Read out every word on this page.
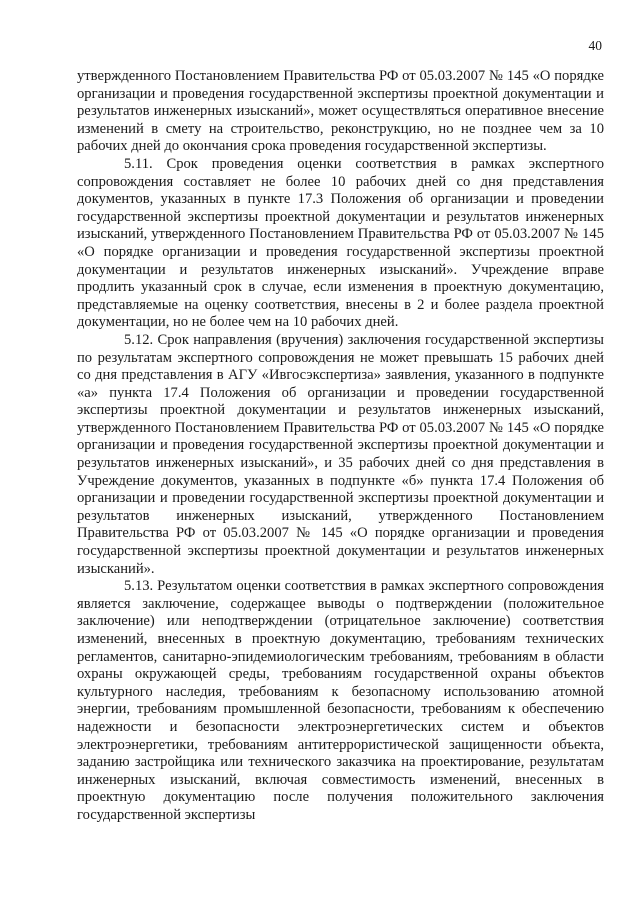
40

утвержденного Постановлением Правительства РФ от 05.03.2007 № 145 «О порядке организации и проведения государственной экспертизы проектной документации и результатов инженерных изысканий», может осуществляться оперативное внесение изменений в смету на строительство, реконструкцию, но не позднее чем за 10 рабочих дней до окончания срока проведения государственной экспертизы.

5.11. Срок проведения оценки соответствия в рамках экспертного сопровождения составляет не более 10 рабочих дней со дня представления документов, указанных в пункте 17.3 Положения об организации и проведении государственной экспертизы проектной документации и результатов инженерных изысканий, утвержденного Постановлением Правительства РФ от 05.03.2007 № 145 «О порядке организации и проведения государственной экспертизы проектной документации и результатов инженерных изысканий». Учреждение вправе продлить указанный срок в случае, если изменения в проектную документацию, представляемые на оценку соответствия, внесены в 2 и более раздела проектной документации, но не более чем на 10 рабочих дней.

5.12. Срок направления (вручения) заключения государственной экспертизы по результатам экспертного сопровождения не может превышать 15 рабочих дней со дня представления в АГУ «Ивгосэкспертиза» заявления, указанного в подпункте «а» пункта 17.4 Положения об организации и проведении государственной экспертизы проектной документации и результатов инженерных изысканий, утвержденного Постановлением Правительства РФ от 05.03.2007 № 145 «О порядке организации и проведения государственной экспертизы проектной документации и результатов инженерных изысканий», и 35 рабочих дней со дня представления в Учреждение документов, указанных в подпункте «б» пункта 17.4 Положения об организации и проведении государственной экспертизы проектной документации и результатов инженерных изысканий, утвержденного Постановлением Правительства РФ от 05.03.2007 № 145 «О порядке организации и проведения государственной экспертизы проектной документации и результатов инженерных изысканий».

5.13. Результатом оценки соответствия в рамках экспертного сопровождения является заключение, содержащее выводы о подтверждении (положительное заключение) или неподтверждении (отрицательное заключение) соответствия изменений, внесенных в проектную документацию, требованиям технических регламентов, санитарно-эпидемиологическим требованиям, требованиям в области охраны окружающей среды, требованиям государственной охраны объектов культурного наследия, требованиям к безопасному использованию атомной энергии, требованиям промышленной безопасности, требованиям к обеспечению надежности и безопасности электроэнергетических систем и объектов электроэнергетики, требованиям антитеррористической защищенности объекта, заданию застройщика или технического заказчика на проектирование, результатам инженерных изысканий, включая совместимость изменений, внесенных в проектную документацию после получения положительного заключения государственной экспертизы
